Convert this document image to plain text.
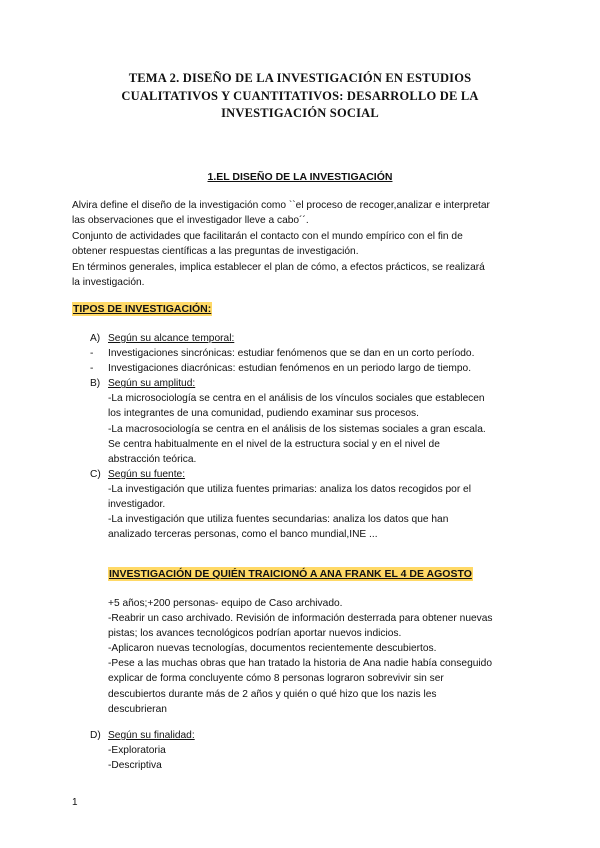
TEMA 2. DISEÑO DE LA INVESTIGACIÓN EN ESTUDIOS
CUALITATIVOS Y CUANTITATIVOS: DESARROLLO DE LA
INVESTIGACIÓN SOCIAL
1.EL DISEÑO DE LA INVESTIGACIÓN
Alvira define el diseño de la investigación como ``el proceso de recoger,analizar e interpretar
las observaciones que el investigador lleve a cabo´´.
Conjunto de actividades que facilitarán el contacto con el mundo empírico con el fin de
obtener respuestas científicas a las preguntas de investigación.
En términos generales, implica establecer el plan de cómo, a efectos prácticos, se realizará
la investigación.
TIPOS DE INVESTIGACIÓN:
A) Según su alcance temporal:
-	Investigaciones sincrónicas: estudiar fenómenos que se dan en un corto período.
-	Investigaciones diacrónicas: estudian fenómenos en un periodo largo de tiempo.
B) Según su amplitud:
-La microsociología se centra en el análisis de los vínculos sociales que establecen
los integrantes de una comunidad, pudiendo examinar sus procesos.
-La macrosociología se centra en el análisis de los sistemas sociales a gran escala.
Se centra habitualmente en el nivel de la estructura social y en el nivel de
abstracción teórica.
C) Según su fuente:
-La investigación que utiliza fuentes primarias: analiza los datos recogidos por el
investigador.
-La investigación que utiliza fuentes secundarias: analiza los datos que han
analizado terceras personas, como el banco mundial,INE ...
INVESTIGACIÓN DE QUIÉN TRAICIONÓ A ANA FRANK EL 4 DE AGOSTO
+5 años;+200 personas- equipo de Caso archivado.
-Reabrir un caso archivado. Revisión de información desterrada para obtener nuevas
pistas; los avances tecnológicos podrían aportar nuevos indicios.
-Aplicaron nuevas tecnologías, documentos recientemente descubiertos.
-Pese a las muchas obras que han tratado la historia de Ana nadie había conseguido
explicar de forma concluyente cómo 8 personas lograron sobrevivir sin ser
descubiertos durante más de 2 años y quién o qué hizo que los nazis les
descubrieran
D) Según su finalidad:
-Exploratoria
-Descriptiva
1
